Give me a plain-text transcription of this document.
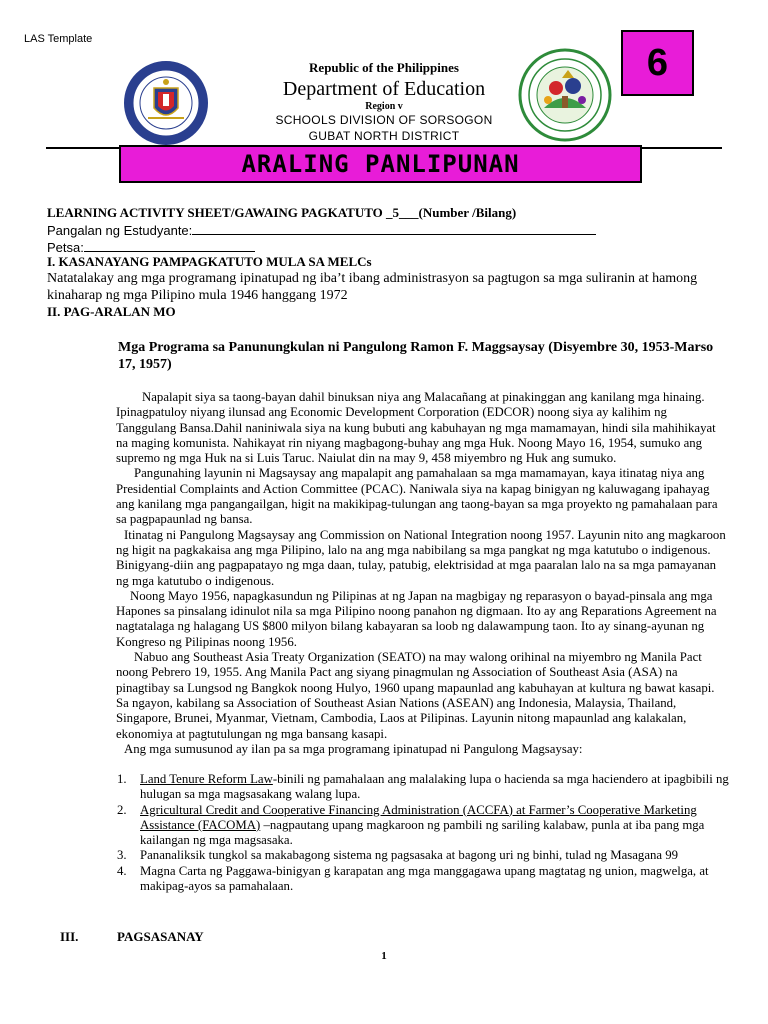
LAS Template
6
Republic of the Philippines
Department of Education
Region v
SCHOOLS DIVISION OF SORSOGON
GUBAT NORTH DISTRICT
ARALING PANLIPUNAN
LEARNING ACTIVITY SHEET/GAWAING PAGKATUTO _5___(Number /Bilang)
Pangalan ng Estudyante:
Petsa:
I. KASANAYANG PAMPAGKATUTO MULA SA MELCs
Natatalakay ang mga programang ipinatupad ng iba’t ibang administrasyon sa pagtugon sa mga suliranin at hamong kinaharap ng mga Pilipino mula 1946 hanggang 1972
II. PAG-ARALAN MO
Mga Programa sa Panunungkulan ni Pangulong Ramon F. Maggsaysay (Disyembre 30, 1953-Marso 17, 1957)

Napalapit siya sa taong-bayan dahil binuksan niya ang Malacañang at pinakinggan ang kanilang mga hinaing. Ipinagpatuloy niyang ilunsad ang Economic Development Corporation (EDCOR) noong siya ay kalihim ng Tanggulang Bansa.Dahil naniniwala siya na kung bubuti ang kabuhayan ng mga mamamayan, hindi sila mahihikayat na maging komunista. Nahikayat rin niyang magbagong-buhay ang mga Huk. Noong Mayo 16, 1954, sumuko ang supremo ng mga Huk na si Luis Taruc. Naiulat din na may 9, 458 miyembro ng Huk ang sumuko.

Pangunahing layunin ni Magsaysay ang mapalapit ang pamahalaan sa mga mamamayan, kaya itinatag niya ang Presidential Complaints and Action Committee (PCAC). Naniwala siya na kapag binigyan ng kaluwagang ipahayag ang kanilang mga pangangailgan, higit na makikipag-tulungan ang taong-bayan sa mga proyekto ng pamahalaan para sa pagpapaunlad ng bansa.

Itinatag ni Pangulong Magsaysay ang Commission on National Integration noong 1957. Layunin nito ang magkaroon ng higit na pagkakaisa ang mga Pilipino, lalo na ang mga nabibilang sa mga pangkat ng mga katutubo o indigenous. Binigyang-diin ang pagpapatayo ng mga daan, tulay, patubig, elektrisidad at mga paaralan lalo na sa mga pamayanan ng mga katutubo o indigenous.

Noong Mayo 1956, napagkasundun ng Pilipinas at ng Japan na magbigay ng reparasyon o bayad-pinsala ang mga Hapones sa pinsalang idinulot nila sa mga Pilipino noong panahon ng digmaan. Ito ay ang Reparations Agreement na nagtatalaga ng halagang US $800 milyon bilang kabayaran sa loob ng dalawampung taon. Ito ay sinang-ayunan ng Kongreso ng Pilipinas noong 1956.

Nabuo ang Southeast Asia Treaty Organization (SEATO) na may walong orihinal na miyembro ng Manila Pact noong Pebrero 19, 1955. Ang Manila Pact ang siyang pinagmulan ng Association of Southeast Asia (ASA) na pinagtibay sa Lungsod ng Bangkok noong Hulyo, 1960 upang mapaunlad ang kabuhayan at kultura ng bawat kasapi. Sa ngayon, kabilang sa Association of Southeast Asian Nations (ASEAN) ang Indonesia, Malaysia, Thailand, Singapore, Brunei, Myanmar, Vietnam, Cambodia, Laos at Pilipinas. Layunin nitong mapaunlad ang kalakalan, ekonomiya at pagtutulungan ng mga bansang kasapi.

Ang mga sumusunod ay ilan pa sa mga programang ipinatupad ni Pangulong Magsaysay:

1. Land Tenure Reform Law-binili ng pamahalaan ang malalaking lupa o hacienda sa mga haciendero at ipagbibili ng hulugan sa mga magsasakang walang lupa.
2. Agricultural Credit and Cooperative Financing Administration (ACCFA) at Farmer’s Cooperative Marketing Assistance (FACOMA) –nagpautang upang magkaroon ng pambili ng sariling kalabaw, punla at iba pang mga kailangan ng mga magsasaka.
3. Pananaliksik tungkol sa makabagong sistema ng pagsasaka at bagong uri ng binhi, tulad ng Masagana 99
4. Magna Carta ng Paggawa-binigyan g karapatan ang mga manggagawa upang magtatag ng union, magwelga, at makipag-ayos sa pamahalaan.
III.	PAGSASANAY
1
